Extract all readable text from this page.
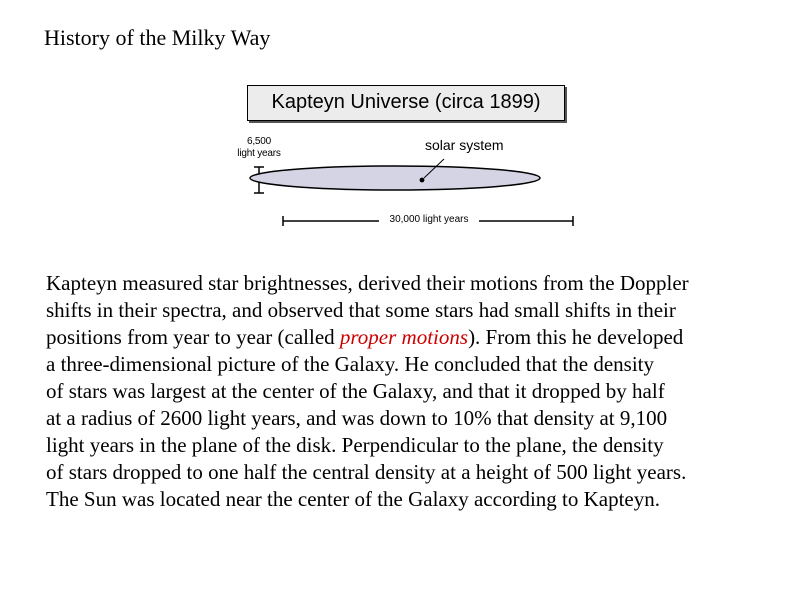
History of the Milky Way
Kapteyn Universe (circa 1899)
6,500
light years
solar system
30,000 light years
Kapteyn measured star brightnesses, derived their motions from the Doppler
shifts in their spectra, and observed that some stars had small shifts in their
positions from year to year (called proper motions). From this he developed
a three-dimensional picture of the Galaxy. He concluded that the density
of stars was largest at the center of the Galaxy, and that it dropped by half
at a radius of 2600 light years, and was down to 10% that density at 9,100
light years in the plane of the disk. Perpendicular to the plane, the density
of stars dropped to one half the central density at a height of 500 light years.
The Sun was located near the center of the Galaxy according to Kapteyn.
